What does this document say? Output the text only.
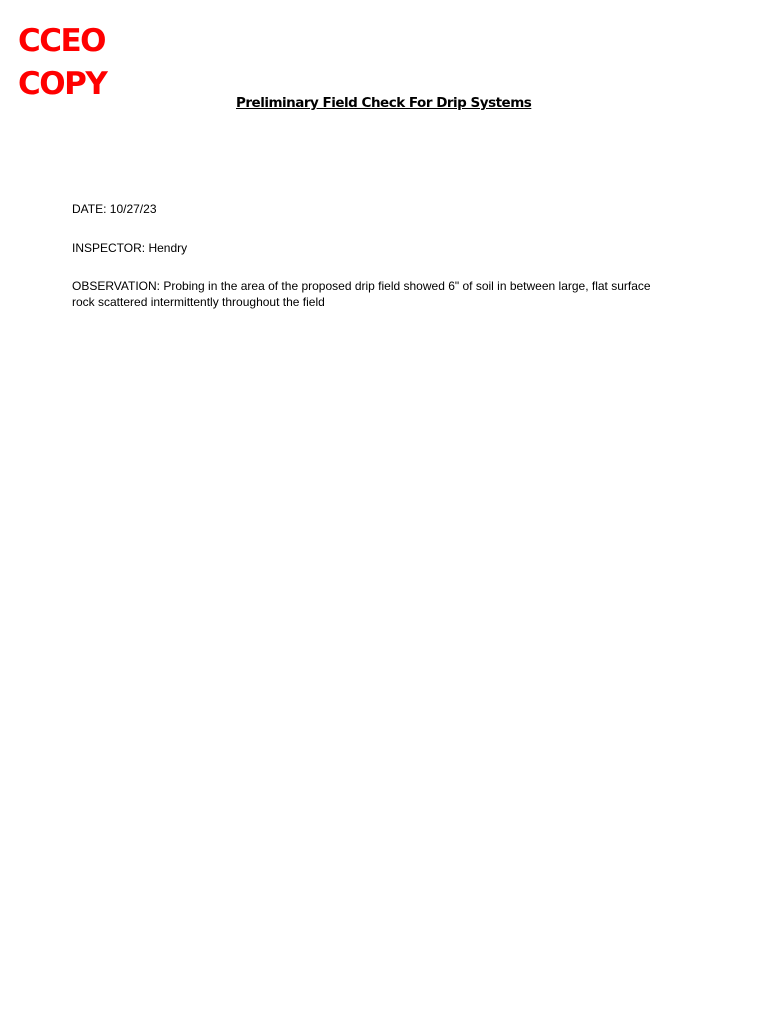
CCEO
COPY
Preliminary Field Check For Drip Systems
DATE: 10/27/23
INSPECTOR: Hendry
OBSERVATION: Probing in the area of the proposed drip field showed 6" of soil in between large, flat surface
rock scattered intermittently throughout the field
